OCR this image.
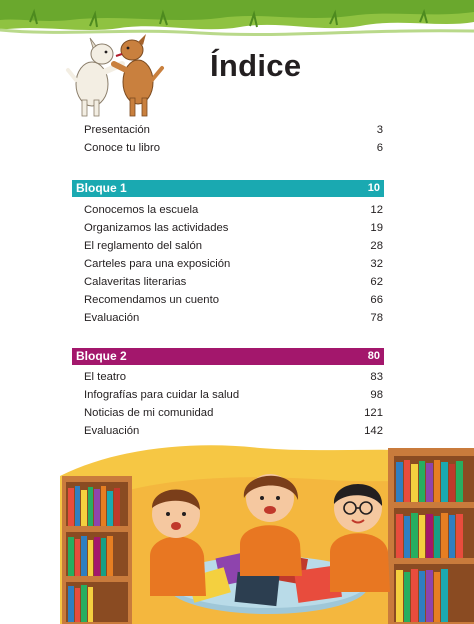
Índice
Presentación	3
Conoce tu libro	6
Bloque 1	10
Conocemos la escuela	12
Organizamos las actividades	19
El reglamento del salón	28
Carteles para una exposición	32
Calaveritas literarias	62
Recomendamos un cuento	66
Evaluación	78
Bloque 2	80
El teatro	83
Infografías para cuidar la salud	98
Noticias de mi comunidad	121
Evaluación	142
